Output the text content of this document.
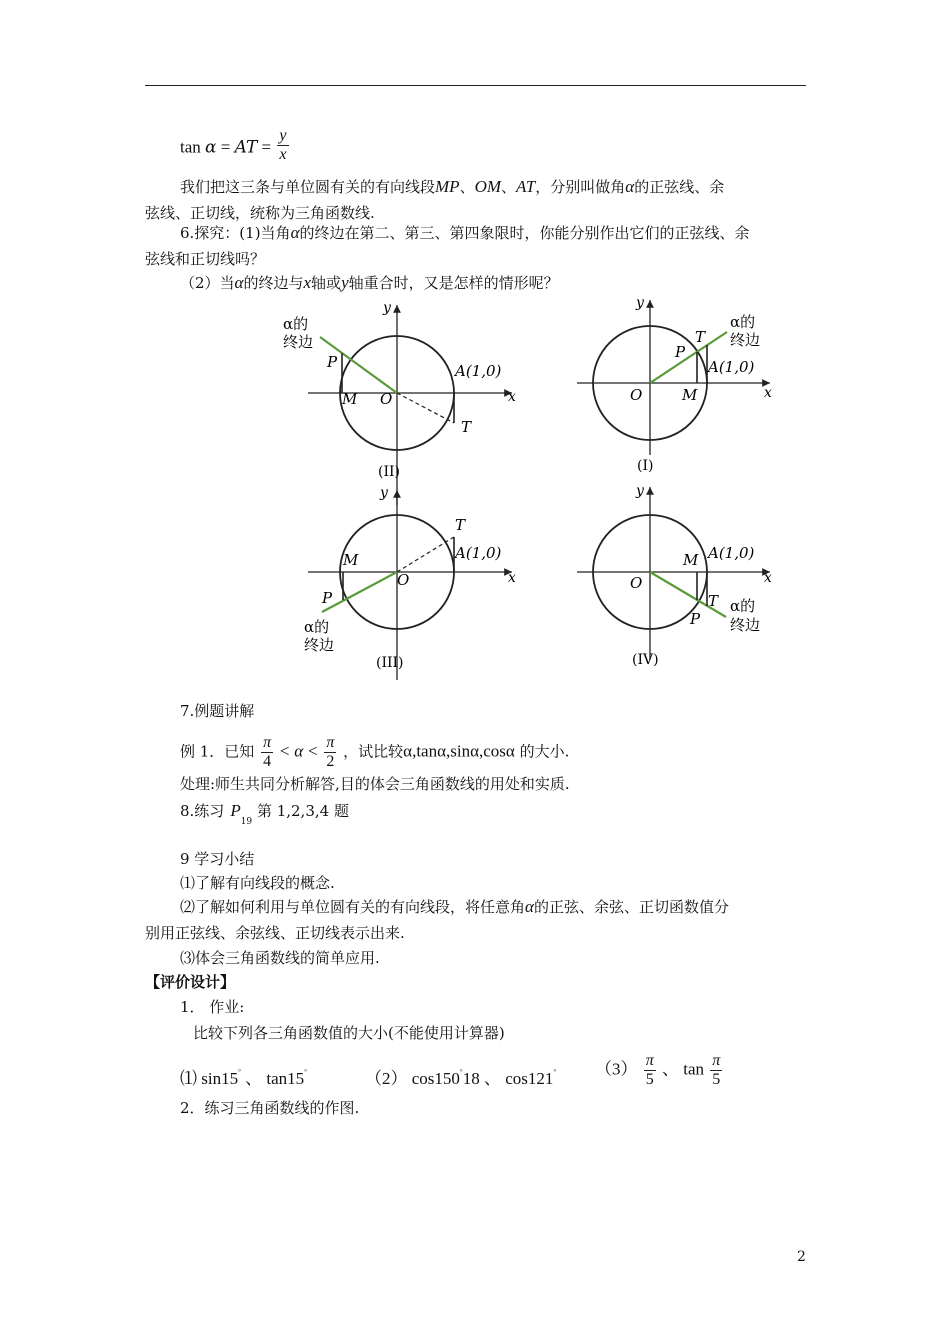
tan α = AT = $\frac{y}{x}$
我们把这三条与单位圆有关的有向线段MP、OM、AT，分别叫做角α的正弦线、余
弦线、正切线，统称为三角函数线.
6.探究：(1)当角α的终边在第二、第三、第四象限时，你能分别作出它们的正弦线、余
弦线和正切线吗？
（2）当α的终边与x轴或y轴重合时，又是怎样的情形呢？
α的
终边
P
M O
A(1,0)
T
x
y
(II)
α的
终边
P
T
A(1,0)
O	M	x
y
(I)
M
O
T
A(1,0)
P
α的
终边
x
y
(III)
M A(1,0)
O
T
P
α的
终边
x
y
(IV)
7.例题讲解
例 1．已知 $\frac{\pi}{4} < \alpha < \frac{\pi}{2}$ ，试比较α,tanα,sinα,cosα 的大小.
处理:师生共同分析解答,目的体会三角函数线的用处和实质.
8.练习 $P_{19}$ 第 1,2,3,4 题
9 学习小结
⑴了解有向线段的概念.
⑵了解如何利用与单位圆有关的有向线段，将任意角α的正弦、余弦、正切函数值分
别用正弦线、余弦线、正切线表示出来.
⑶体会三角函数线的简单应用.
【评价设计】
1． 作业:
比较下列各三角函数值的大小(不能使用计算器)
⑴ sin15° 、 tan15°	（2） cos150°18 、 cos121° $(3) \frac{\pi}{5}$ 、 $\tan \frac{\pi}{5}$
2．练习三角函数线的作图.
2
